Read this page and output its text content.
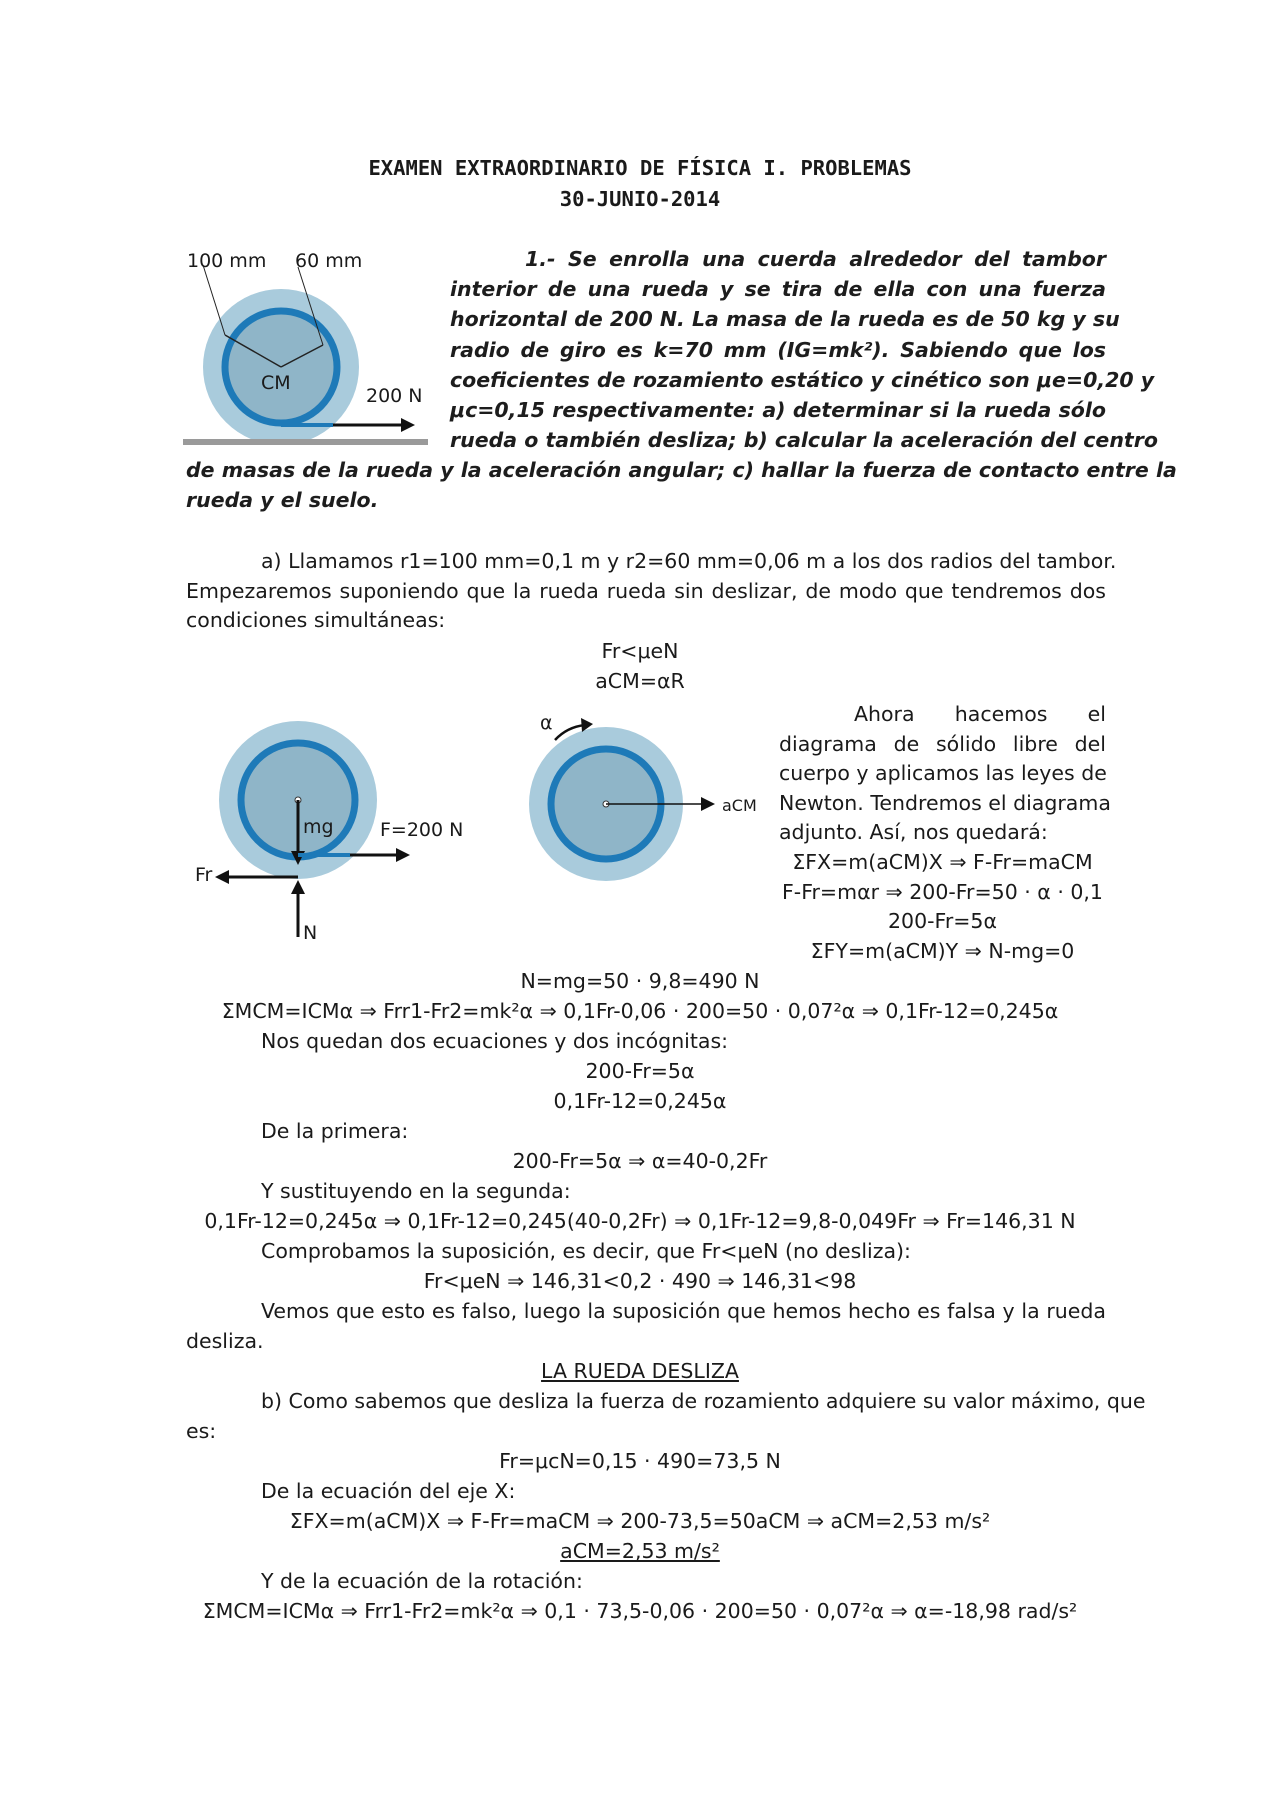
EXAMEN EXTRAORDINARIO DE FÍSICA I. PROBLEMAS
30-JUNIO-2014
100 mm 60 mm
CM
200 N
1.- Se enrolla una cuerda alrededor del tambor
interior de una rueda y se tira de ella con una fuerza
horizontal de 200 N. La masa de la rueda es de 50 kg y su
radio de giro es k=70 mm (IG=mk²). Sabiendo que los
coeficientes de rozamiento estático y cinético son μe=0,20 y
μc=0,15 respectivamente: a) determinar si la rueda sólo
rueda o también desliza; b) calcular la aceleración del centro
de masas de la rueda y la aceleración angular; c) hallar la fuerza de contacto entre la
rueda y el suelo.
a) Llamamos r1=100 mm=0,1 m y r2=60 mm=0,06 m a los dos radios del tambor.
Empezaremos suponiendo que la rueda rueda sin deslizar, de modo que tendremos dos
condiciones simultáneas:
Fr<μeN
aCM=αR
mg F=200 N
Fr
N
α
aCM
Ahora hacemos el
diagrama de sólido libre del
cuerpo y aplicamos las leyes de
Newton. Tendremos el diagrama
adjunto. Así, nos quedará:
ΣFX=m(aCM)X ⇒ F-Fr=maCM
F-Fr=mαr ⇒ 200-Fr=50 · α · 0,1
200-Fr=5α
ΣFY=m(aCM)Y ⇒ N-mg=0
N=mg=50 · 9,8=490 N
ΣMCM=ICMα ⇒ Frr1-Fr2=mk²α ⇒ 0,1Fr-0,06 · 200=50 · 0,07²α ⇒ 0,1Fr-12=0,245α
Nos quedan dos ecuaciones y dos incógnitas:
200-Fr=5α
0,1Fr-12=0,245α
De la primera:
200-Fr=5α ⇒ α=40-0,2Fr
Y sustituyendo en la segunda:
0,1Fr-12=0,245α ⇒ 0,1Fr-12=0,245(40-0,2Fr) ⇒ 0,1Fr-12=9,8-0,049Fr ⇒ Fr=146,31 N
Comprobamos la suposición, es decir, que Fr<μeN (no desliza):
Fr<μeN ⇒ 146,31<0,2 · 490 ⇒ 146,31<98
Vemos que esto es falso, luego la suposición que hemos hecho es falsa y la rueda
desliza.
LA RUEDA DESLIZA
b) Como sabemos que desliza la fuerza de rozamiento adquiere su valor máximo, que
es:
Fr=μcN=0,15 · 490=73,5 N
De la ecuación del eje X:
ΣFX=m(aCM)X ⇒ F-Fr=maCM ⇒ 200-73,5=50aCM ⇒ aCM=2,53 m/s²
aCM=2,53 m/s²
Y de la ecuación de la rotación:
ΣMCM=ICMα ⇒ Frr1-Fr2=mk²α ⇒ 0,1 · 73,5-0,06 · 200=50 · 0,07²α ⇒ α=-18,98 rad/s²
